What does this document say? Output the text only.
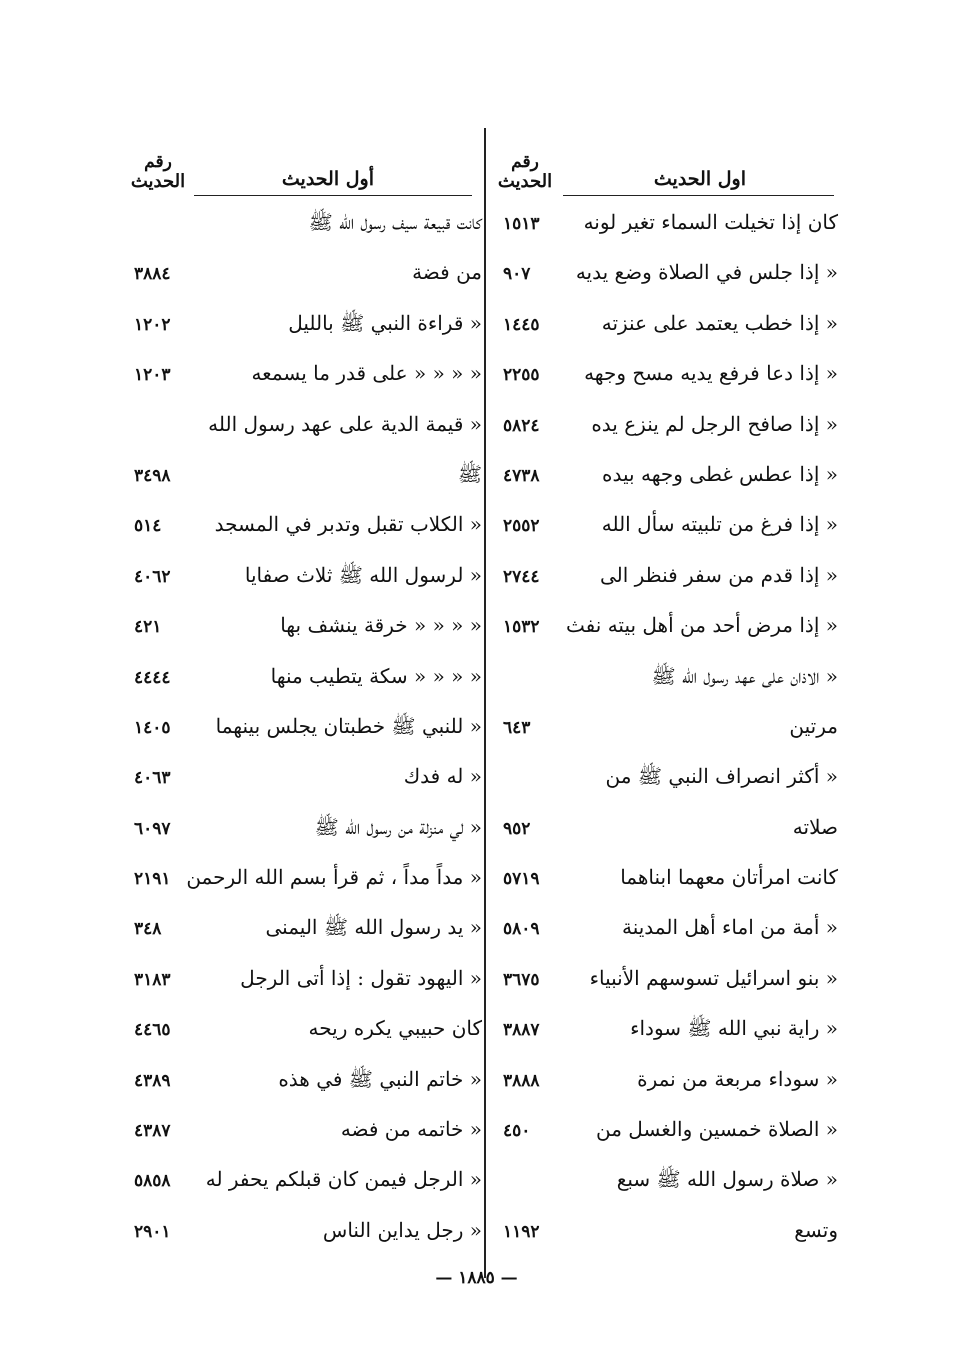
رقم
الحديث	اول الحديث
كان إذا تخيلت السماء تغير لونه
١٥١٣
« إذا جلس في الصلاة وضع يديه
٩٠٧
« إذا خطب يعتمد على عنزته
١٤٤٥
« إذا دعا فرفع يديه مسح وجهه
٢٢٥٥
« إذا صافح الرجل لم ينزع يده
٥٨٢٤
« إذا عطس غطى وجهه بيده
٤٧٣٨
« إذا فرغ من تلبيته سأل الله
٢٥٥٢
« إذا قدم من سفر فنظر الى
٢٧٤٤
« إذا مرض أحد من أهل بيته نفث
١٥٣٢
« الاذان على عهد رسول الله ﷺ
مرتين
٦٤٣
« أكثر انصراف النبي ﷺ من
صلاته
٩٥٢
كانت امرأتان معهما ابناهما
٥٧١٩
« أمة من اماء أهل المدينة
٥٨٠٩
« بنو اسرائيل تسوسهم الأنبياء
٣٦٧٥
« راية نبي الله ﷺ سوداء
٣٨٨٧
« سوداء مربعة من نمرة
٣٨٨٨
« الصلاة خمسين والغسل من
٤٥٠
« صلاة رسول الله ﷺ سبع
وتسع
١١٩٢
رقم
الحديث	أول الحديث
كانت قبيعة سيف رسول الله ﷺ
من فضة
٣٨٨٤
« قراءة النبي ﷺ بالليل
١٢٠٢
« « « « على قدر ما يسمعه
١٢٠٣
« قيمة الدية على عهد رسول الله
ﷺ
٣٤٩٨
« الكلاب تقبل وتدبر في المسجد
٥١٤
« لرسول الله ﷺ ثلاث صفايا
٤٠٦٢
« « « « خرقة ينشف بها
٤٢١
« « « « سكة يتطيب منها
٤٤٤٤
« للنبي ﷺ خطبتان يجلس بينهما
١٤٠٥
« له فدك
٤٠٦٣
« لي منزلة من رسول الله ﷺ
٦٠٩٧
« مداً مداً ، ثم قرأ بسم الله الرحمن
٢١٩١
« يد رسول الله ﷺ اليمنى
٣٤٨
« اليهود تقول : إذا أتى الرجل
٣١٨٣
كان حبيبي يكره ريحه
٤٤٦٥
« خاتم النبي ﷺ في هذه
٤٣٨٩
« خاتمه من فضه
٤٣٨٧
« الرجل فيمن كان قبلكم يحفر له
٥٨٥٨
« رجل يداين الناس
٢٩٠١
— ١٨٨٥ —
